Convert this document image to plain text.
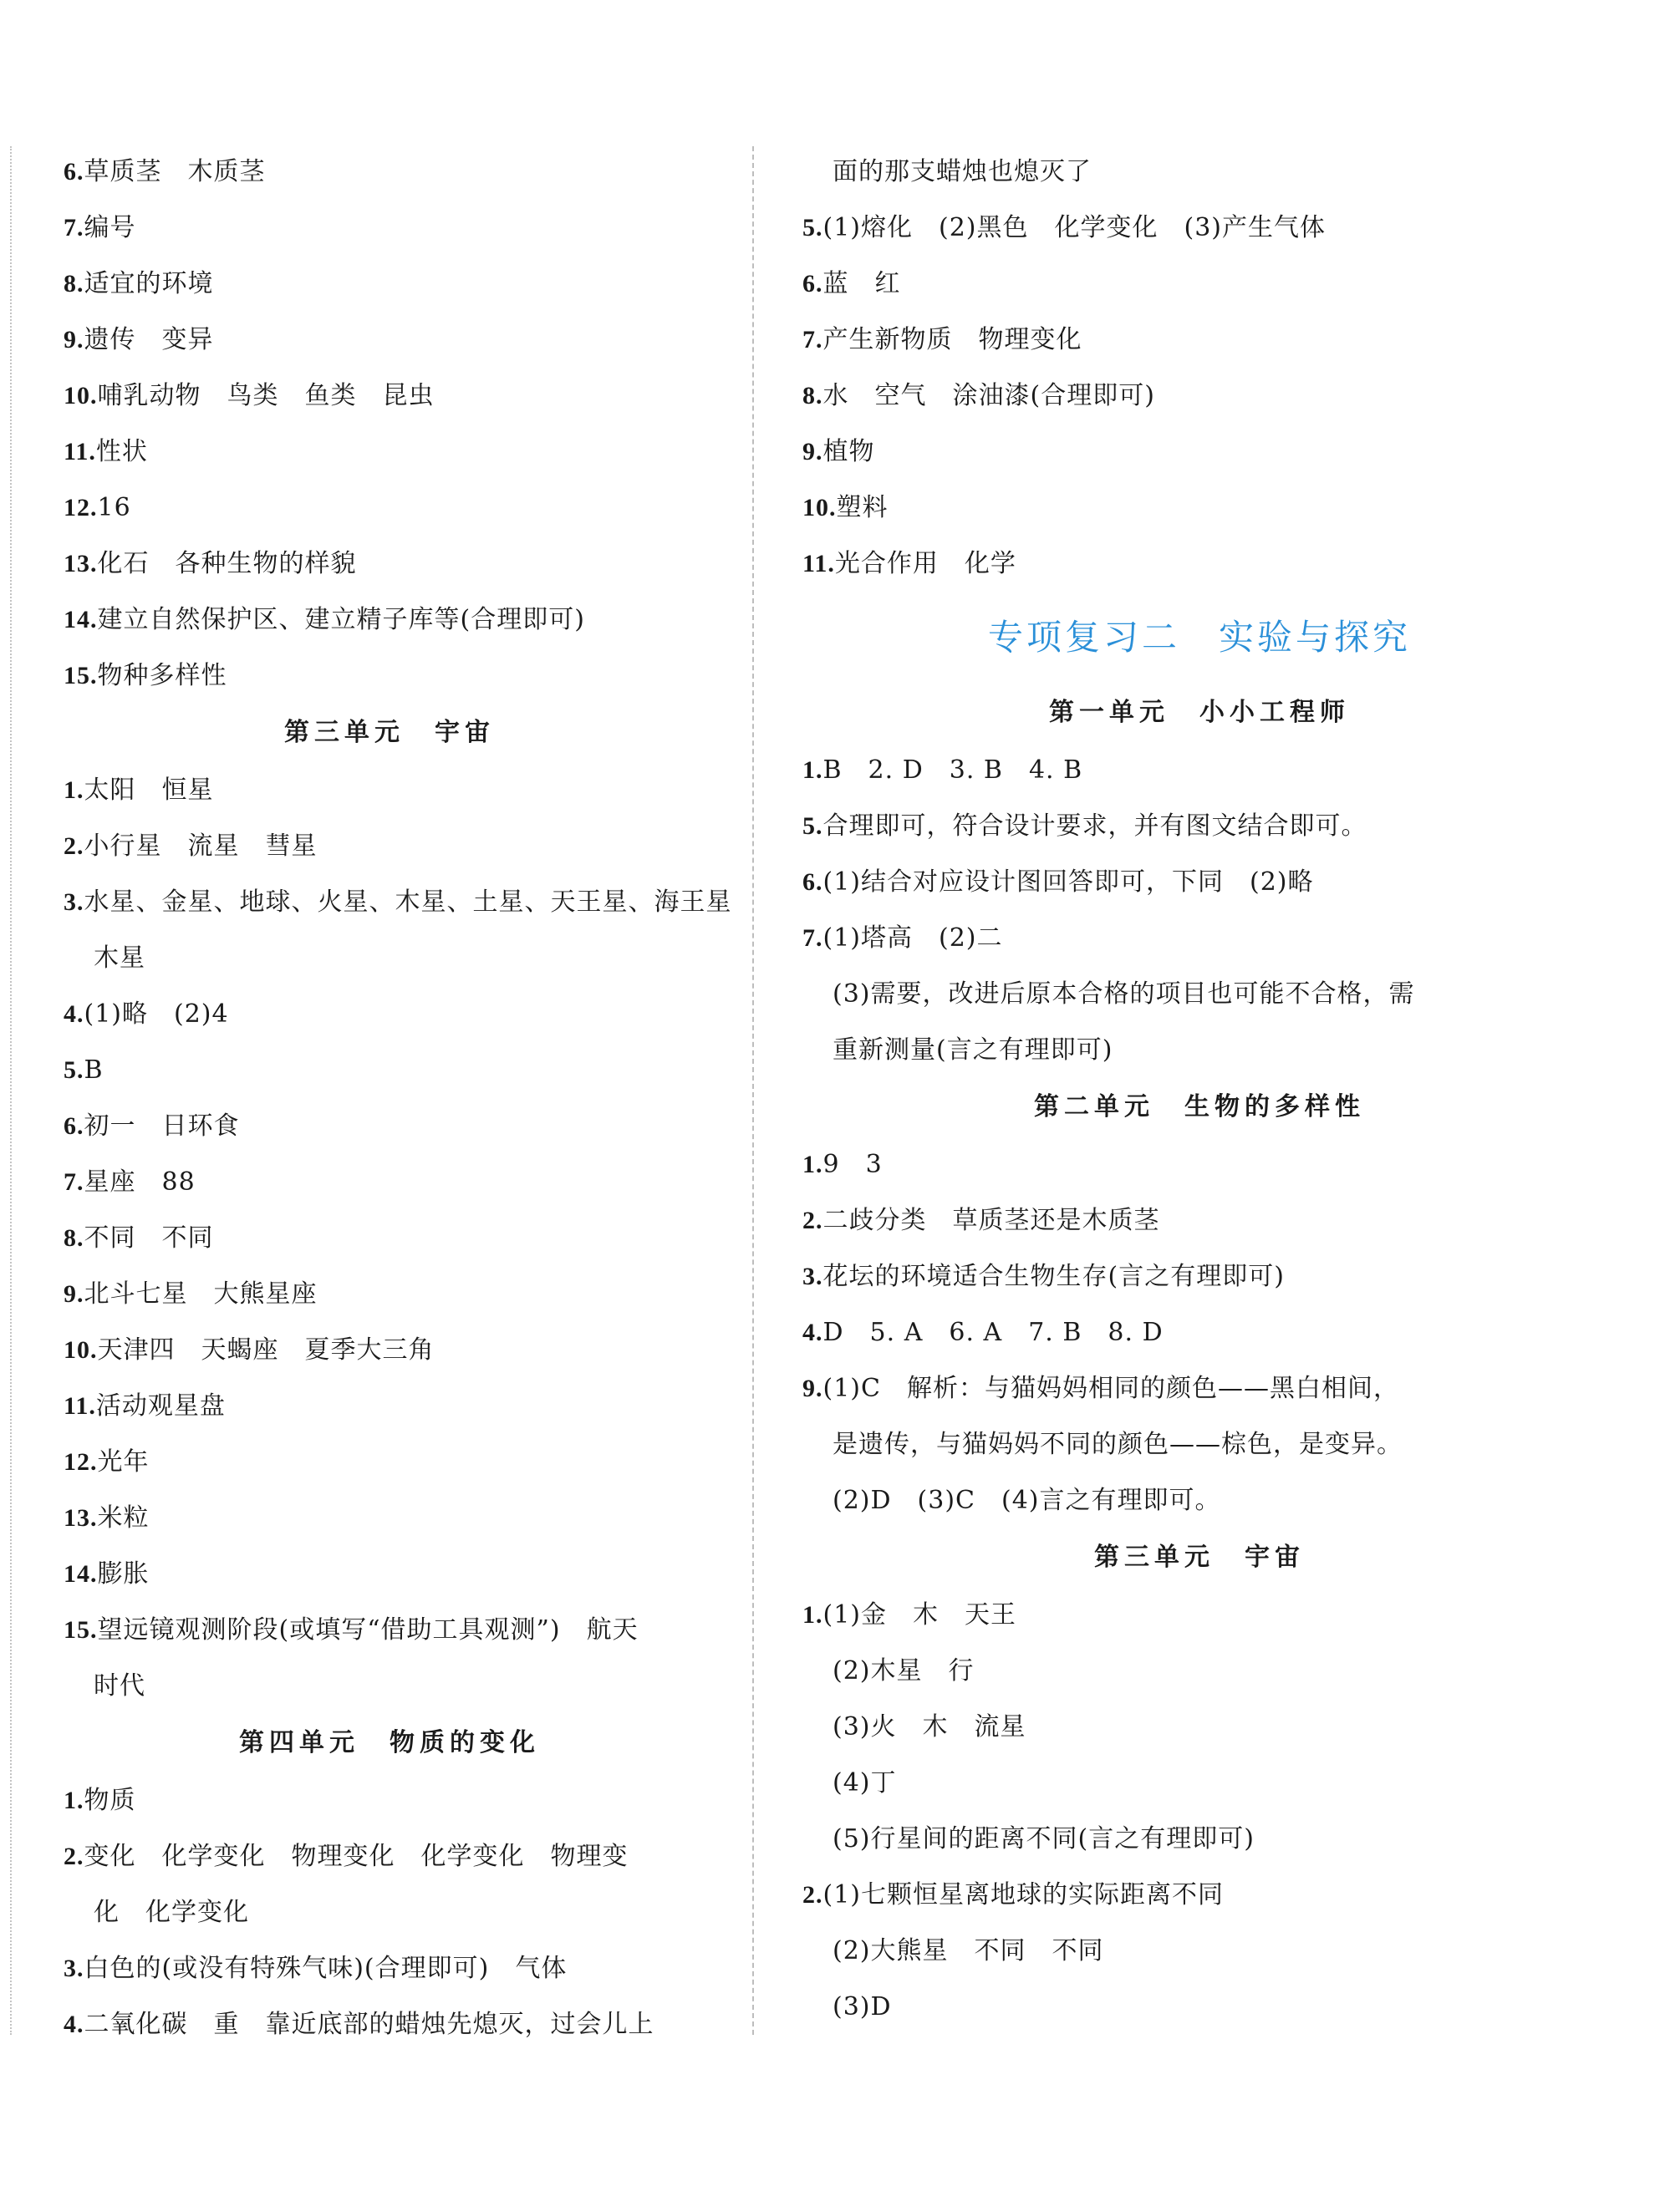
6.草质茎　木质茎
7.编号
8.适宜的环境
9.遗传　变异
10.哺乳动物　鸟类　鱼类　昆虫
11.性状
12.16
13.化石　各种生物的样貌
14.建立自然保护区、建立精子库等(合理即可)
15.物种多样性
第三单元　宇宙
1.太阳　恒星
2.小行星　流星　彗星
3.水星、金星、地球、火星、木星、土星、天王星、海王星
木星
4.(1)略　(2)4
5.B
6.初一　日环食
7.星座　88
8.不同　不同
9.北斗七星　大熊星座
10.天津四　天蝎座　夏季大三角
11.活动观星盘
12.光年
13.米粒
14.膨胀
15.望远镜观测阶段(或填写“借助工具观测”)　航天
时代
第四单元　物质的变化
1.物质
2.变化　化学变化　物理变化　化学变化　物理变
化　化学变化
3.白色的(或没有特殊气味)(合理即可)　气体
4.二氧化碳　重　靠近底部的蜡烛先熄灭，过会儿上
面的那支蜡烛也熄灭了
5.(1)熔化　(2)黑色　化学变化　(3)产生气体
6.蓝　红
7.产生新物质　物理变化
8.水　空气　涂油漆(合理即可)
9.植物
10.塑料
11.光合作用　化学
专项复习二　实验与探究
第一单元　小小工程师
1.B　2. D　3. B　4. B
5.合理即可，符合设计要求，并有图文结合即可。
6.(1)结合对应设计图回答即可，下同　(2)略
7.(1)塔高　(2)二
(3)需要，改进后原本合格的项目也可能不合格，需
重新测量(言之有理即可)
第二单元　生物的多样性
1.9　3
2.二歧分类　草质茎还是木质茎
3.花坛的环境适合生物生存(言之有理即可)
4.D　5. A　6. A　7. B　8. D
9.(1)C　解析：与猫妈妈相同的颜色——黑白相间，
是遗传，与猫妈妈不同的颜色——棕色，是变异。
(2)D　(3)C　(4)言之有理即可。
第三单元　宇宙
1.(1)金　木　天王
(2)木星　行
(3)火　木　流星
(4)丁
(5)行星间的距离不同(言之有理即可)
2.(1)七颗恒星离地球的实际距离不同
(2)大熊星　不同　不同
(3)D
